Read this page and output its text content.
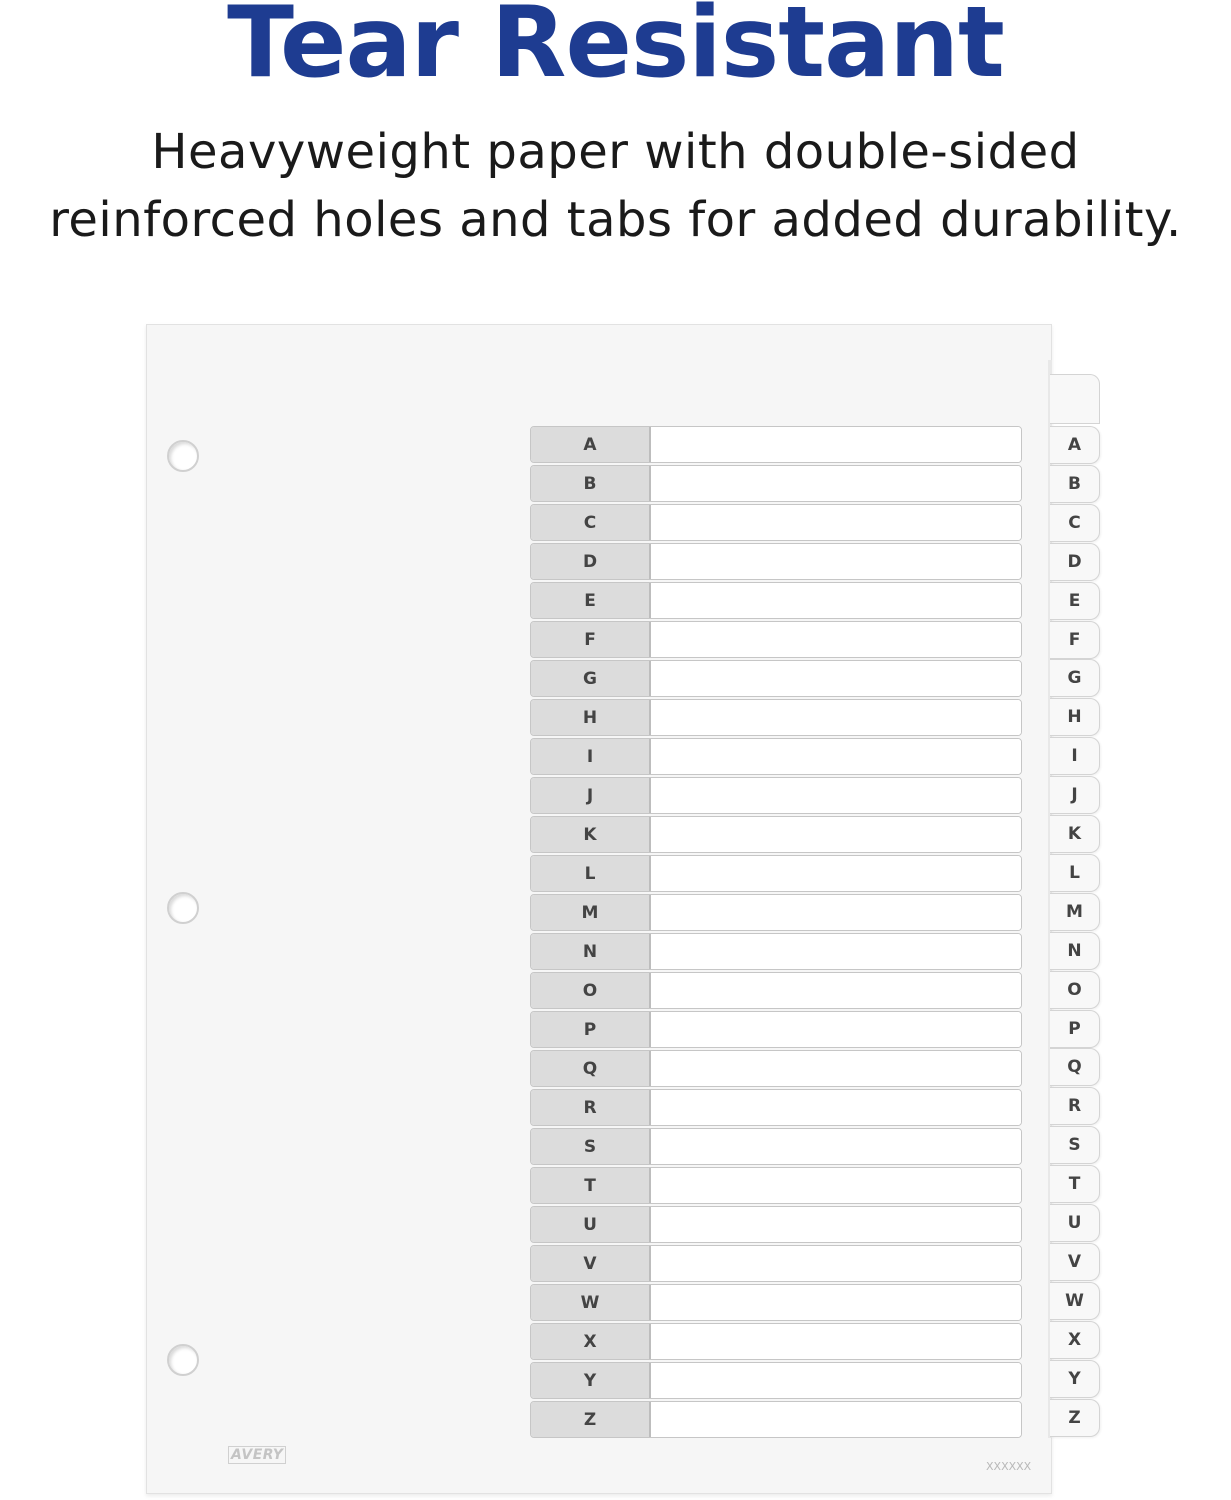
Tear Resistant
Heavyweight paper with double-sided
reinforced holes and tabs for added durability.
A
B
C
D
E
F
G
H
I
J
K
L
M
N
O
P
Q
R
S
T
U
V
W
X
Y
Z
A
B
C
D
E
F
G
H
I
J
K
L
M
N
O
P
Q
R
S
T
U
V
W
X
Y
Z
AVERY
XXXXXX
